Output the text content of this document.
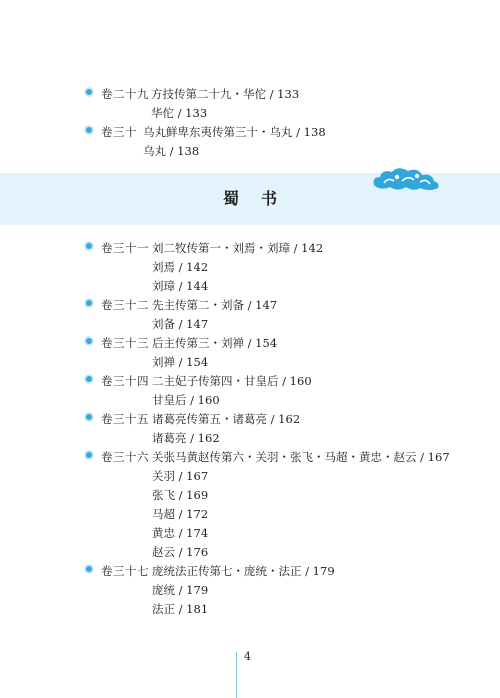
卷二十九 方技传第二十九・华佗 / 133
华佗 / 133
卷三十 乌丸鲜卑东夷传第三十・乌丸 / 138
乌丸 / 138
蜀书
卷三十一 刘二牧传第一・刘焉・刘璋 / 142
刘焉 / 142
刘璋 / 144
卷三十二 先主传第二・刘备 / 147
刘备 / 147
卷三十三 后主传第三・刘禅 / 154
刘禅 / 154
卷三十四 二主妃子传第四・甘皇后 / 160
甘皇后 / 160
卷三十五 诸葛亮传第五・诸葛亮 / 162
诸葛亮 / 162
卷三十六 关张马黄赵传第六・关羽・张飞・马超・黄忠・赵云 / 167
关羽 / 167
张飞 / 169
马超 / 172
黄忠 / 174
赵云 / 176
卷三十七 庞统法正传第七・庞统・法正 / 179
庞统 / 179
法正 / 181
4
